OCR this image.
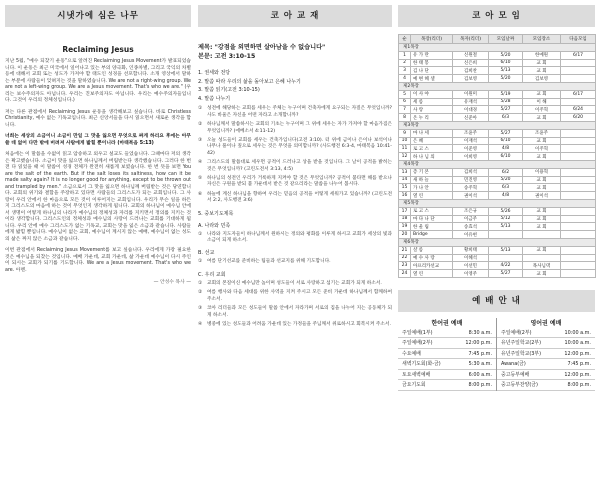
시냇가에 심은 나무
Reclaiming Jesus
지난 5월, "예수 되찾기 운동"으로 알려진 Reclaiming Jesus Movement가 발표되었습니다. 이 운동은 최근 미국에서 일어나고 있는 부의 양극화, 인종차별, 그리고 국익의 차별 등에 대해서 교회 또는 성도가 가져야 할 태도인 성경을 선포합니다. 소개 영상에서 말하는 부분에 사람들이 잊혀지는 것을 말하였습니다. We are not a right-wing group. We are not a left-wing group. We are a Jesus movement. That's who we are." (우리는 보수주의자도 아닙니다. 우리는 진보주의자도 아닙니다. 우리는 예수주의자들입니다. 그것이 우리의 정체성입니다.)
저는 다른 관점에서 Reclaiming Jesus 운동을 생각해보고 싶습니다. 바로 Christless Christianity, 예수 없는 기독교입니다. 최근 신앙서들을 다시 읽으면서 새로운 생각을 합니다.
너희는 세상의 소금이니 소금이 만일 그 맛을 잃으면 무엇으로 짜게 하리요 후에는 아무 쓸 데 없어 다만 밖에 버려져 사람에게 밟힐 뿐이니라 (마태복음 5:13)
처음에는 이 말씀을 수없이 읽고 암송하고 외우고 설교도 들었습니다. 그때마다 저의 생각은 확고했습니다. 소금이 맛을 잃으면 하나님께서 버림받는다 생각했습니다. 그러다 한 번 전 다 읽었을 때 이 말씀이 성경 전체가 완전히 새롭게 보였습니다. 한 번 뜻을 보면 You are the salt of the earth. But if the salt loses its saltiness, how can it be made salty again? It is no longer good for anything, except to be thrown out and trampled by men." 소금으로서 그 맛을 잃으면 하나님께 버림받는 것은 당연합니다. 교회의 위기와 결함을 주장하고 있다면 사람들의 그리스도가 되는 교회입니다. 그 사랑이 우리 안에서 한 마음으로 모든 것이 이루어지는 교회입니다. 우리가 무슨 일을 하든지 그리스도의 마음에 하는 것이 무엇인지 생각하게 됩니다. 교회의 하나님이 예수님 안에서 생명이 어떻게 하나님의 나라가 예수님의 정체성과 자리를 지키면서 정의를 지키는 것이라 생각합니다. 그리스도인의 정체성과 예수님의 사랑이 드러나는 교회를 기대하게 됩니다. 우리 안에 예수 그리스도가 없는 기독교, 교회는 맛을 잃은 소금과 같습니다. 사람들에게 밟힐 뿐입니다. 예수님이 없는 교회, 예수님이 계시지 않는 예배, 예수님이 없는 성도의 삶은 짜지 않은 소금과 같습니다.
이번 관점에서 Reclaiming Jesus Movement를 보고 싶습니다. 우리에게 가장 필요한 것은 예수님을 되찾는 것입니다. 예배 가운데, 교회 가운데, 삶 가운데 예수님이 다시 주인이 되시는 교회가 되기를 기도합니다. We are a Jesus movement. That's who we are. 아멘.
— 안성수 목사 —
코 아 교 재
제목: "강점을 외면하면 살아남을 수 없습니다"
본문: 고전 3:10-15
1. 권세와 전당
2. 말씀 따라 우리의 삶을 돌아보고 은혜 나누기
3. 말씀 읽기(고전 3:10-15)
4. 말씀 나누기
①	성전에 해당하는 교회를 세우는 주체는 누구이며 건축자에게 요구되는 자질은 무엇입니까? 사도 바울은 자신을 어떤 자라고 소개합니까?
②	하나님께서 말씀하시는 교회의 기초는 누구이며 그 위에 세우는 자가 가져야 할 마음가짐은 무엇입니까? (에베소서 4:11-12)
③	오늘 성도들이 교회를 세우는 건축가입니다(고전 3:10). 터 위에 금이나 은이나 보석이나 나무나 풀이나 짚으로 세우는 것은 무엇을 의미합니까? (사도행전 6:3-4, 마태복음 10:41-42)
④	그리스도의 말씀대로 세우면 공적이 드러나고 상을 받을 것입니다. 그 날이 공적을 밝히는 것은 무엇입니까? (고린도전서 3:13, 4:5)
⑤	하나님의 성전인 우리가 거룩하게 지켜야 할 것은 무엇입니까? 공적이 불타면 해를 받으나 자신은 구원을 받되 불 가운데서 받은 것 같으리라는 말씀을 나누어 봅시다.
⑥	하늘에 계신 하나님을 향하여 우리는 믿음의 공적을 어떻게 세워가고 있습니까? (고린도전서 2:2, 사도행전 3:6)
5. 중보기도제목
A. 나라와 민족
①	나라와 지도자들이 하나님께서 원하시는 정의와 평화를 이루게 하시고 교회가 세상의 빛과 소금이 되게 하소서.
B. 선교
①	여름 단기선교를 준비하는 팀들과 선교지를 위해 기도합니다.
C. 우리 교회
①	교회의 본질이신 예수님만 높이며 성도들이 서로 사랑하고 섬기는 교회가 되게 하소서.
②	여름 행사와 다음 세대를 위한 사역을 지켜 주시고 모든 준비 가운데 하나님께서 함께하여 주소서.
③	코아 리더들과 모든 성도들이 말씀 안에서 자라가며 서로의 짐을 나누어 지는 공동체가 되게 하소서.
④	병중에 있는 성도들과 어려움 가운데 있는 가정들을 주님께서 위로하시고 회복시켜 주소서.
코 아 모 임
순	목장(리더)	목자(리더)	모임날짜	모임장소	다음모임
제1목장					
1	유 가 란	신원철	5/20	한예원	6/17
2	한 태 봉	신은희	6/10	교 회	
3	김 나 단	김희찬	5/13	교 회	
4	예 변 혜 셀	김보영	5/20	김보영	
제2목장					
5	이 사 야	이원미	5/19	교 회	6/17
6	세 롬	유재석	5/28	이 해	
7	사 랑	이대경	5/27	이주혁	6/24
8	온 누 리	신준아	6/3	교 회	6/20
제3목장					
9	마 나 세	조윤주	5/27	조윤주	
10	은 혜	이재석	6/10	교 회	
11	로 고 스	이준영	4/8	이주혁	
12	하 나 님 의	이희영	6/10	교 회	
제4목장					
13	층 기 본	김희석	6/2	이용혁	
14	새 하 늘	민진영	5/20	교 회	
15	가 나 안	송주혁	6/3	교 회	
16	열 린	권이석	4/8	권이석	
제5목장					
17	로 고 스	조은규	5/26	교 회	
18	마 다 나 단	이금주	5/12	교 회	
19	한 울 림	송효석	5/13	교 회	
20	Bridge	이유현			
제6목장					
21	샬 롬	황희태	5/13	교 회	
22	예 수 사 랑	이혜석			
23	아프리카선교	이선민	4/22	목사님댁	
24	열 린	이영주	5/27	교 회	
예 배 안 내
한어권 예배
주일예배(1부)	8:30 a.m.
주일예배(2부)	12:00 p.m.
수요예배	7:45 p.m.
새벽기도회(화-금)	5:30 a.m.
토요새벽예배	6:00 a.m.
금요기도회	8:00 p.m.
영어권 예배
주일예배(2부)	10:00 a.m.
유년주일학교(2부)	10:00 a.m.
유년주일학교(3부)	12:00 p.m.
Awana(금)	7:45 p.m.
중고등부예배	12:00 p.m.
중고등부찬양(금)	8:00 p.m.
